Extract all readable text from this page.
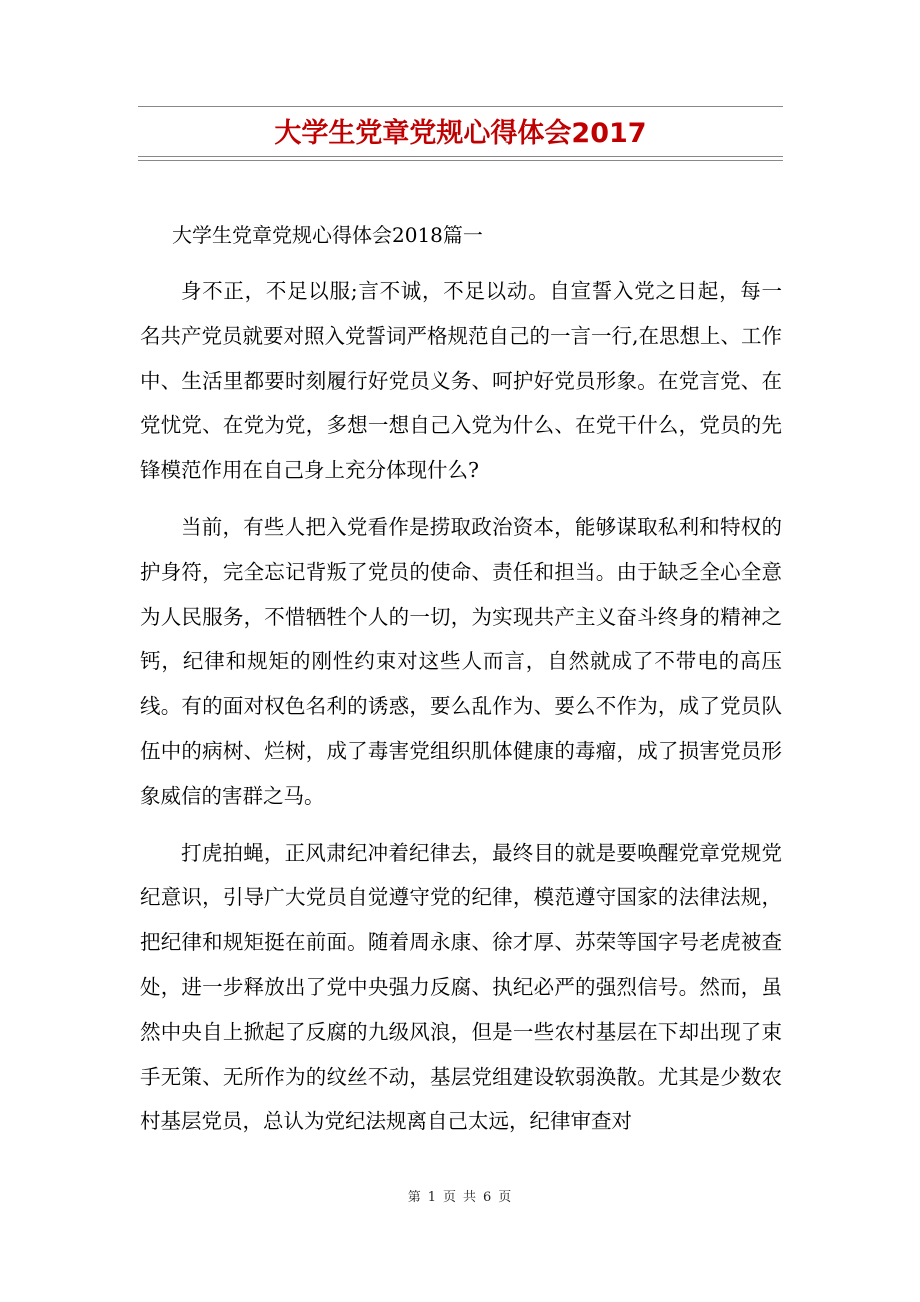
大学生党章党规心得体会2017

大学生党章党规心得体会2018篇一

身不正，不足以服;言不诚，不足以动。自宣誓入党之日起，每一名共产党员就要对照入党誓词严格规范自己的一言一行,在思想上、工作中、生活里都要时刻履行好党员义务、呵护好党员形象。在党言党、在党忧党、在党为党，多想一想自己入党为什么、在党干什么，党员的先锋模范作用在自己身上充分体现什么?

当前，有些人把入党看作是捞取政治资本，能够谋取私利和特权的护身符，完全忘记背叛了党员的使命、责任和担当。由于缺乏全心全意为人民服务，不惜牺牲个人的一切，为实现共产主义奋斗终身的精神之钙，纪律和规矩的刚性约束对这些人而言，自然就成了不带电的高压线。有的面对权色名利的诱惑，要么乱作为、要么不作为，成了党员队伍中的病树、烂树，成了毒害党组织肌体健康的毒瘤，成了损害党员形象威信的害群之马。

打虎拍蝇，正风肃纪冲着纪律去，最终目的就是要唤醒党章党规党纪意识，引导广大党员自觉遵守党的纪律，模范遵守国家的法律法规，把纪律和规矩挺在前面。随着周永康、徐才厚、苏荣等国字号老虎被查处，进一步释放出了党中央强力反腐、执纪必严的强烈信号。然而，虽然中央自上掀起了反腐的九级风浪，但是一些农村基层在下却出现了束手无策、无所作为的纹丝不动，基层党组建设软弱涣散。尤其是少数农村基层党员，总认为党纪法规离自己太远，纪律审查对

第 1 页 共 6 页
